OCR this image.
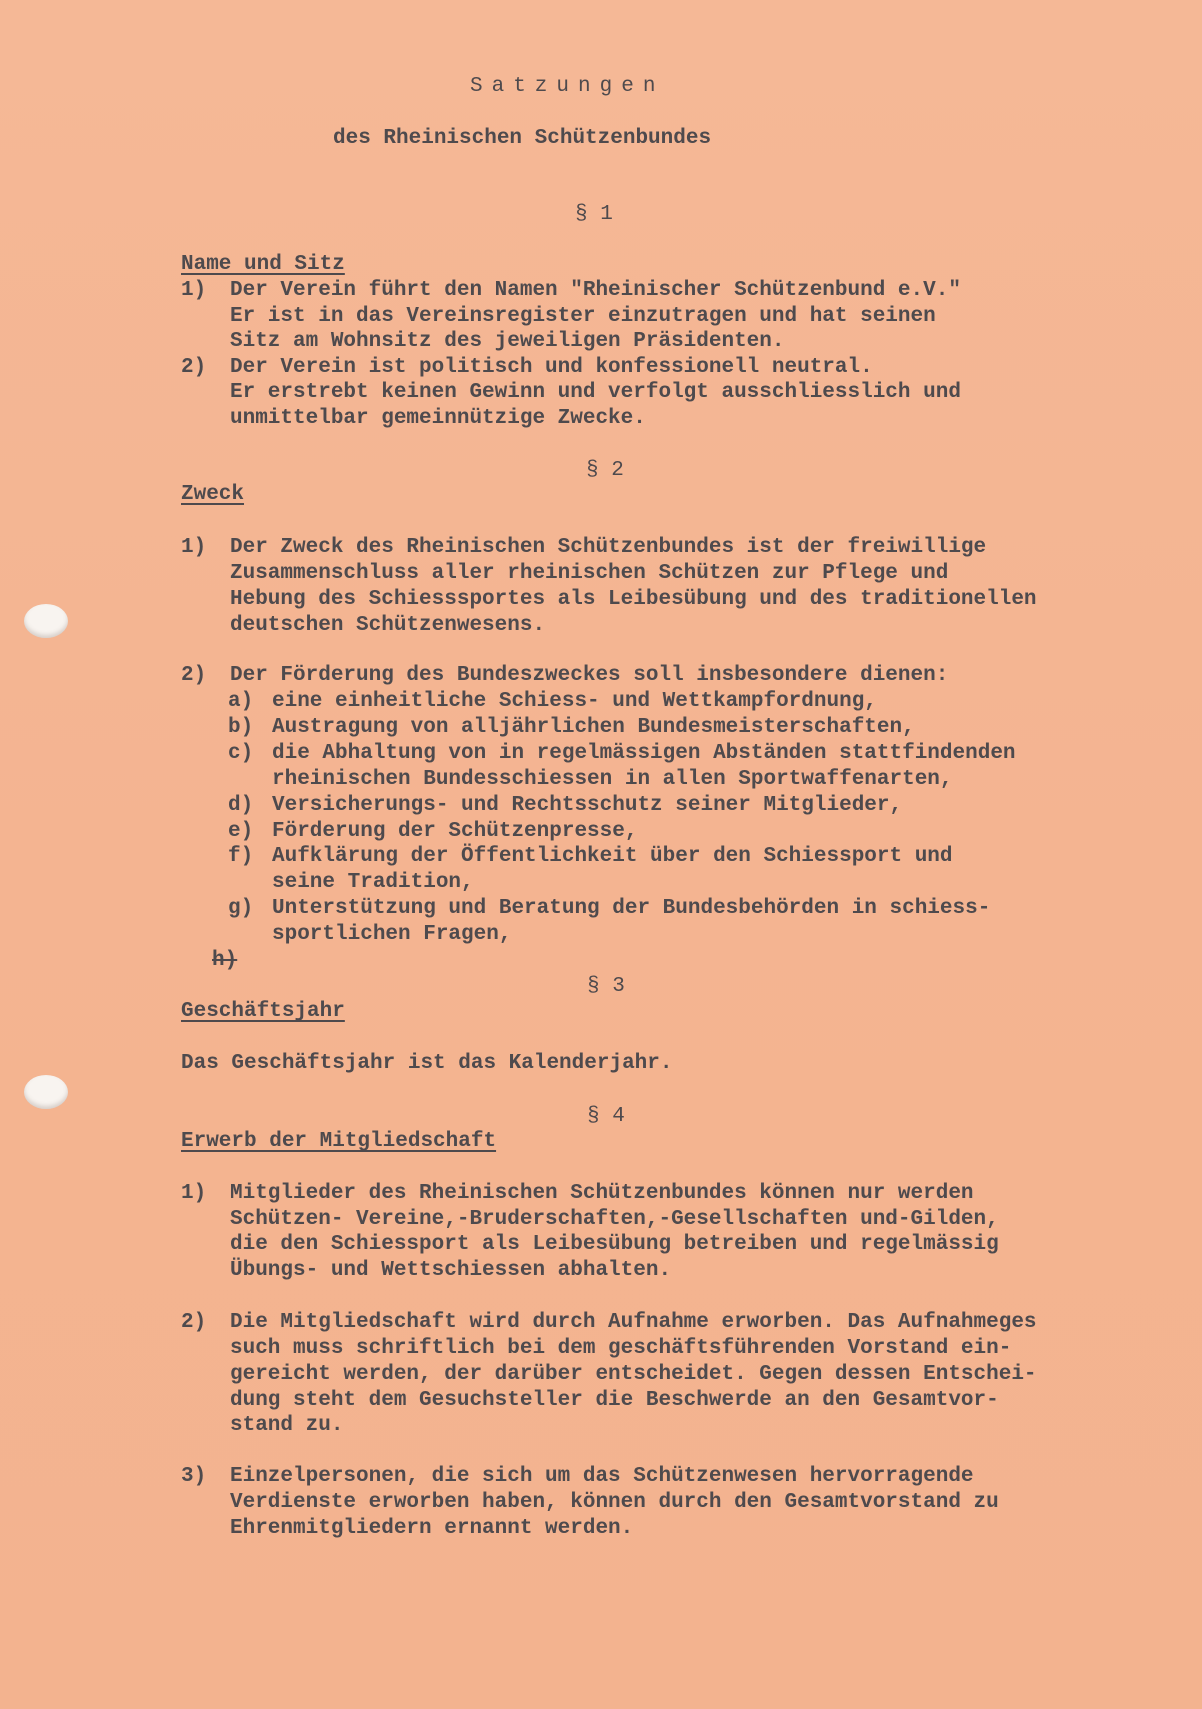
Satzungen
des Rheinischen Schützenbundes
§ 1
Name und Sitz
1) Der Verein führt den Namen "Rheinischer Schützenbund e.V."
Er ist in das Vereinsregister einzutragen und hat seinen
Sitz am Wohnsitz des jeweiligen Präsidenten.
2) Der Verein ist politisch und konfessionell neutral.
Er erstrebt keinen Gewinn und verfolgt ausschliesslich und
unmittelbar gemeinnützige Zwecke.
§ 2
Zweck
1) Der Zweck des Rheinischen Schützenbundes ist der freiwillige
Zusammenschluss aller rheinischen Schützen zur Pflege und
Hebung des Schiesssportes als Leibesübung und des traditionellen
deutschen Schützenwesens.
2) Der Förderung des Bundeszweckes soll insbesondere dienen:
a) eine einheitliche Schiess- und Wettkampfordnung,
b) Austragung von alljährlichen Bundesmeisterschaften,
c) die Abhaltung von in regelmässigen Abständen stattfindenden
rheinischen Bundesschiessen in allen Sportwaffenarten,
d) Versicherungs- und Rechtsschutz seiner Mitglieder,
e) Förderung der Schützenpresse,
f) Aufklärung der Öffentlichkeit über den Schiessport und
seine Tradition,
g) Unterstützung und Beratung der Bundesbehörden in schiess-
sportlichen Fragen,
h)
§ 3
Geschäftsjahr
Das Geschäftsjahr ist das Kalenderjahr.
§ 4
Erwerb der Mitgliedschaft
1) Mitglieder des Rheinischen Schützenbundes können nur werden
Schützen- Vereine,-Bruderschaften,-Gesellschaften und-Gilden,
die den Schiessport als Leibesübung betreiben und regelmässig
Übungs- und Wettschiessen abhalten.
2) Die Mitgliedschaft wird durch Aufnahme erworben. Das Aufnahmeges
such muss schriftlich bei dem geschäftsführenden Vorstand ein-
gereicht werden, der darüber entscheidet. Gegen dessen Entschei-
dung steht dem Gesuchsteller die Beschwerde an den Gesamtvor-
stand zu.
3) Einzelpersonen, die sich um das Schützenwesen hervorragende
Verdienste erworben haben, können durch den Gesamtvorstand zu
Ehrenmitgliedern ernannt werden.
